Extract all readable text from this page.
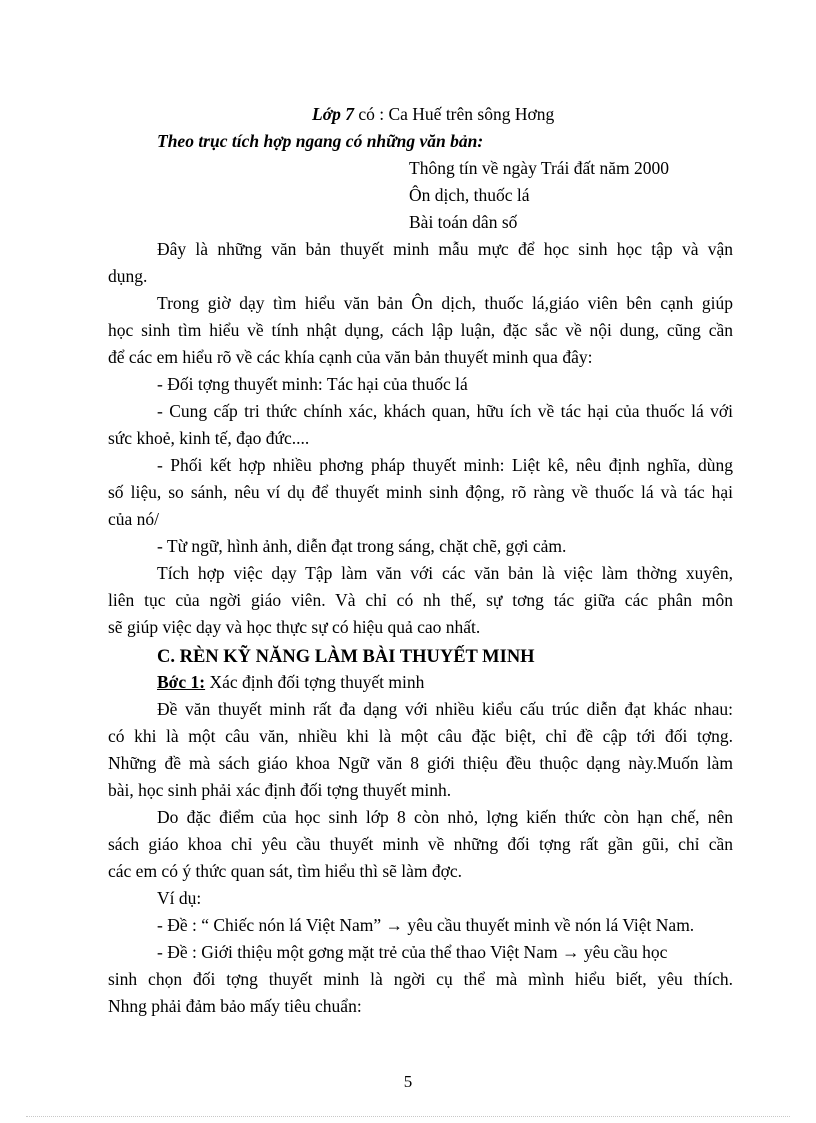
Lớp 7 có : Ca Huế trên sông Hơng
Theo trục tích hợp ngang có những văn bản:
Thông tín về ngày Trái đất năm 2000
Ôn dịch, thuốc lá
Bài toán dân số
Đây là những văn bản thuyết minh mẫu mực để học sinh học tập và vận
dụng.
Trong giờ dạy tìm hiểu văn bản Ôn dịch, thuốc lá,giáo viên bên cạnh giúp
học sinh tìm hiểu về tính nhật dụng, cách lập luận, đặc sắc về nội dung, cũng cần
để các em hiểu rõ về các khía cạnh của văn bản thuyết minh qua đây:
- Đối tợng thuyết minh: Tác hại của thuốc lá
- Cung cấp tri thức chính xác, khách quan, hữu ích về tác hại của thuốc lá với
sức khoẻ, kinh tế, đạo đức....
- Phối kết hợp nhiều phơng pháp thuyết minh: Liệt kê, nêu định nghĩa, dùng
số liệu, so sánh, nêu ví dụ để thuyết minh sinh động, rõ ràng về thuốc lá và tác hại
của nó/
- Từ ngữ, hình ảnh, diễn đạt trong sáng, chặt chẽ, gợi cảm.
Tích hợp việc dạy Tập làm văn với các văn bản là việc làm thờng xuyên,
liên tục của ngời giáo viên. Và chỉ có nh thế, sự tơng tác giữa các phân môn
sẽ giúp việc dạy và học thực sự có hiệu quả cao nhất.
C. RÈN KỸ NĂNG LÀM BÀI THUYẾT MINH
Bớc 1: Xác định đối tợng thuyết minh
Đề văn thuyết minh rất đa dạng với nhiều kiểu cấu trúc diễn đạt khác nhau:
có khi là một câu văn, nhiều khi là một câu đặc biệt, chỉ đề cập tới đối tợng.
Những đề mà sách giáo khoa Ngữ văn 8 giới thiệu đều thuộc dạng này.Muốn làm
bài, học sinh phải xác định đối tợng thuyết minh.
Do đặc điểm của học sinh lớp 8 còn nhỏ, lợng kiến thức còn hạn chế, nên
sách giáo khoa chỉ yêu cầu thuyết minh về những đối tợng rất gần gũi, chỉ cần
các em có ý thức quan sát, tìm hiểu thì sẽ làm đợc.
Ví dụ:
- Đề : “ Chiếc nón lá Việt Nam” → yêu cầu thuyết minh về nón lá Việt Nam.
- Đề : Giới thiệu một gơng mặt trẻ của thể thao Việt Nam → yêu cầu học
sinh chọn đối tợng thuyết minh là ngời cụ thể mà mình hiểu biết, yêu thích.
Nhng phải đảm bảo mấy tiêu chuẩn:
5
